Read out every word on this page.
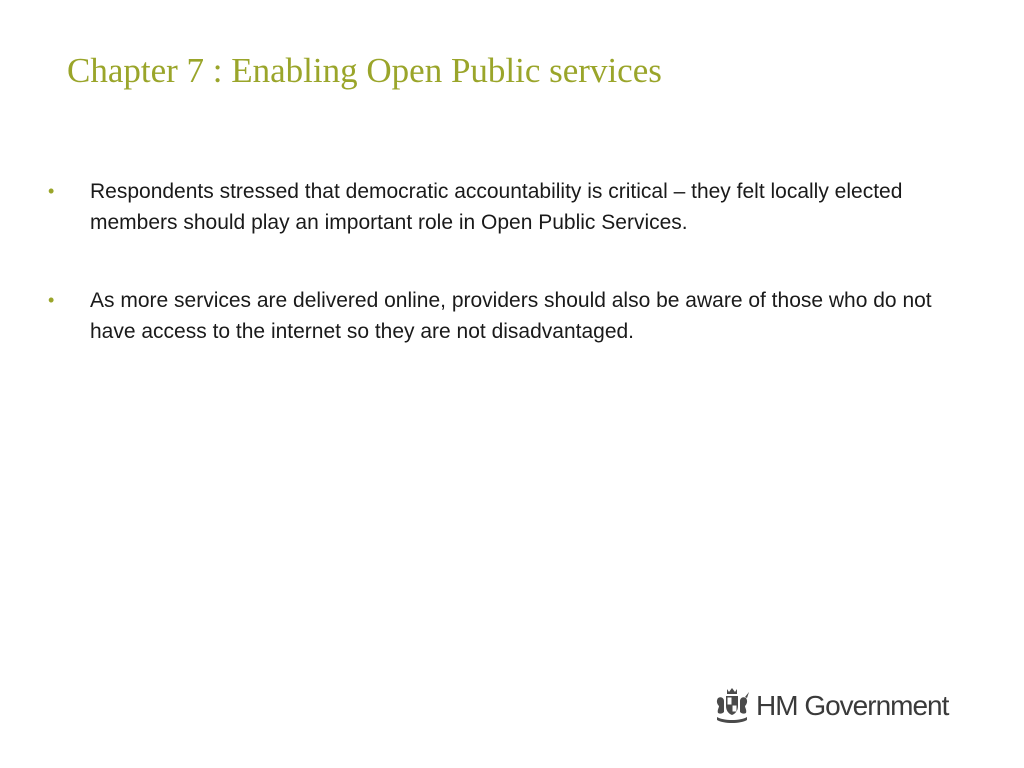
Chapter 7 : Enabling Open Public services
•	Respondents stressed that democratic accountability is critical – they felt locally elected members should play an important role in Open Public Services.
•	As more services are delivered online, providers should also be aware of those who do not have access to the internet so they are not disadvantaged.
HM Government
